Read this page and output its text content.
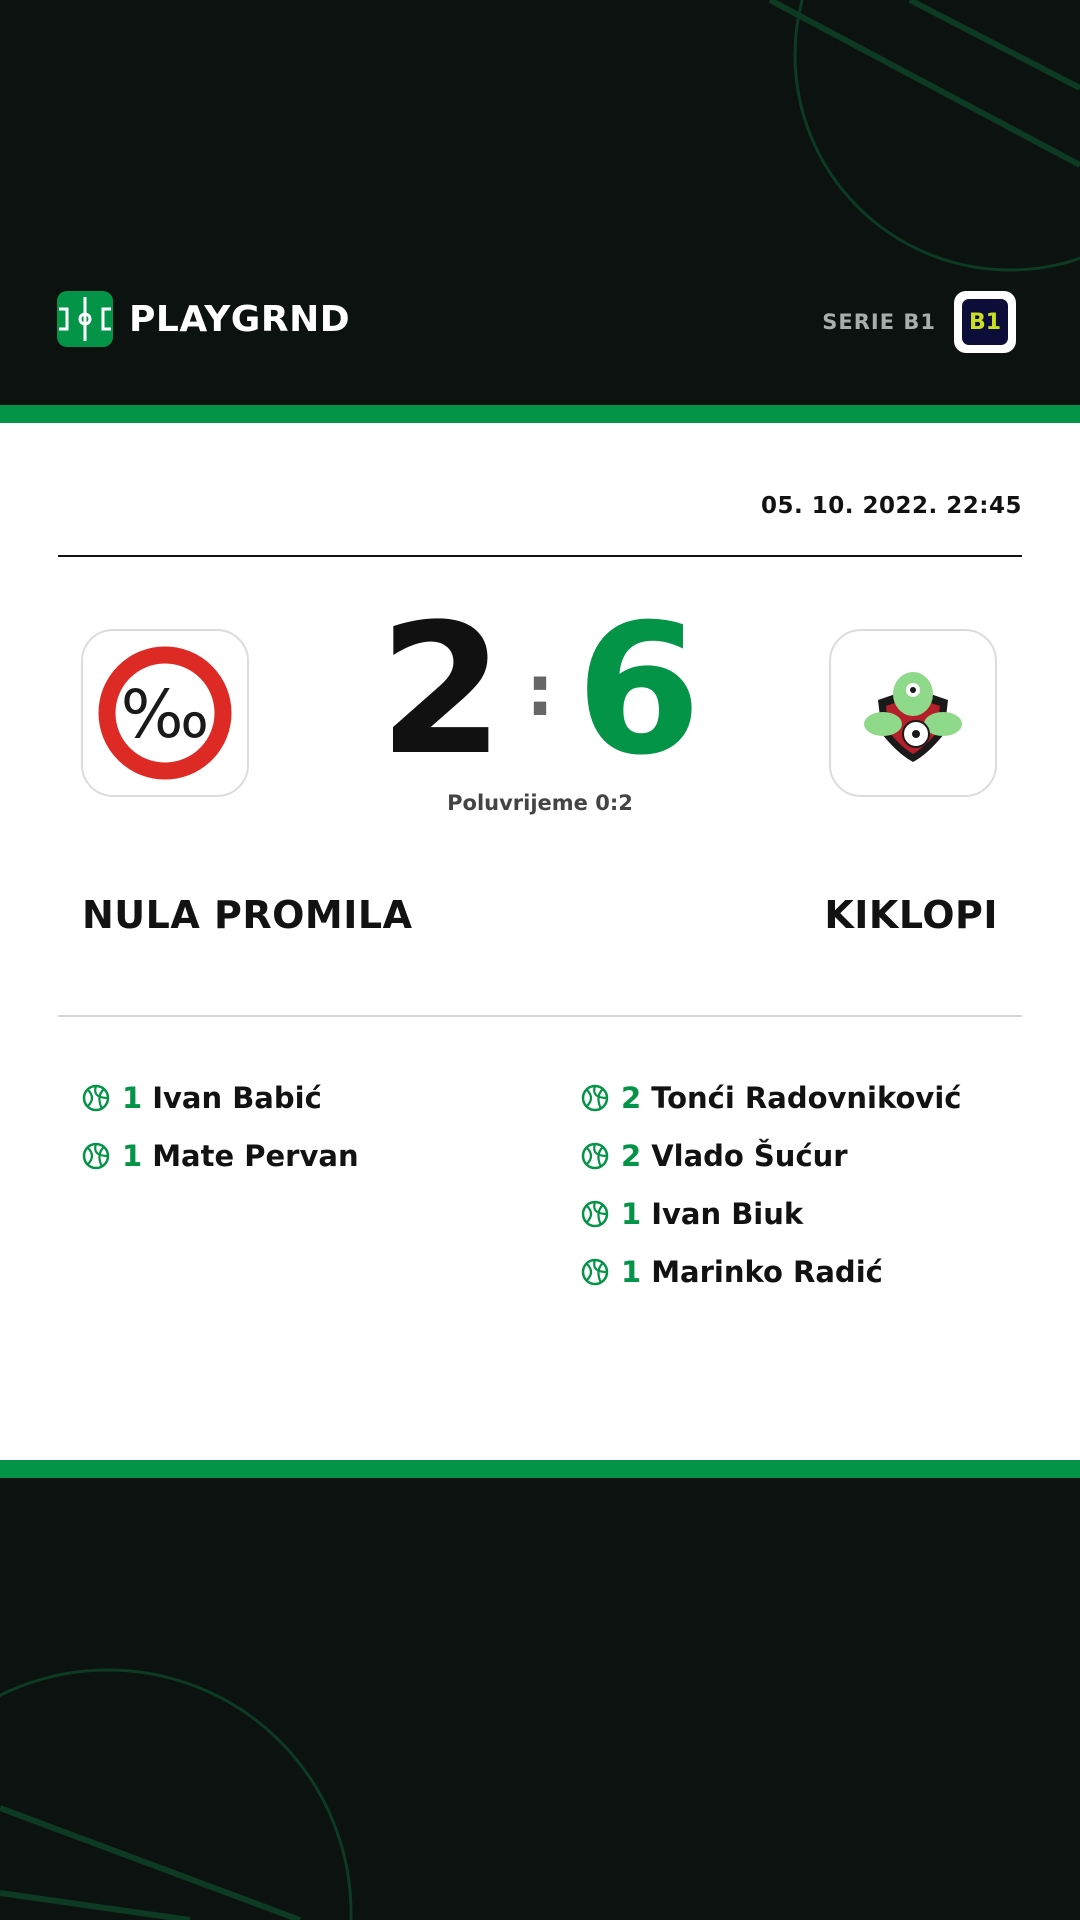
PLAYGRND	SERIE B1 B1
05. 10. 2022. 22:45
‰ 2 : 6
Poluvrijeme 0:2
NULA PROMILA	KIKLOPI
1 Ivan Babić
1 Mate Pervan
2 Tonći Radovniković
2 Vlado Šućur
1 Ivan Biuk
1 Marinko Radić
